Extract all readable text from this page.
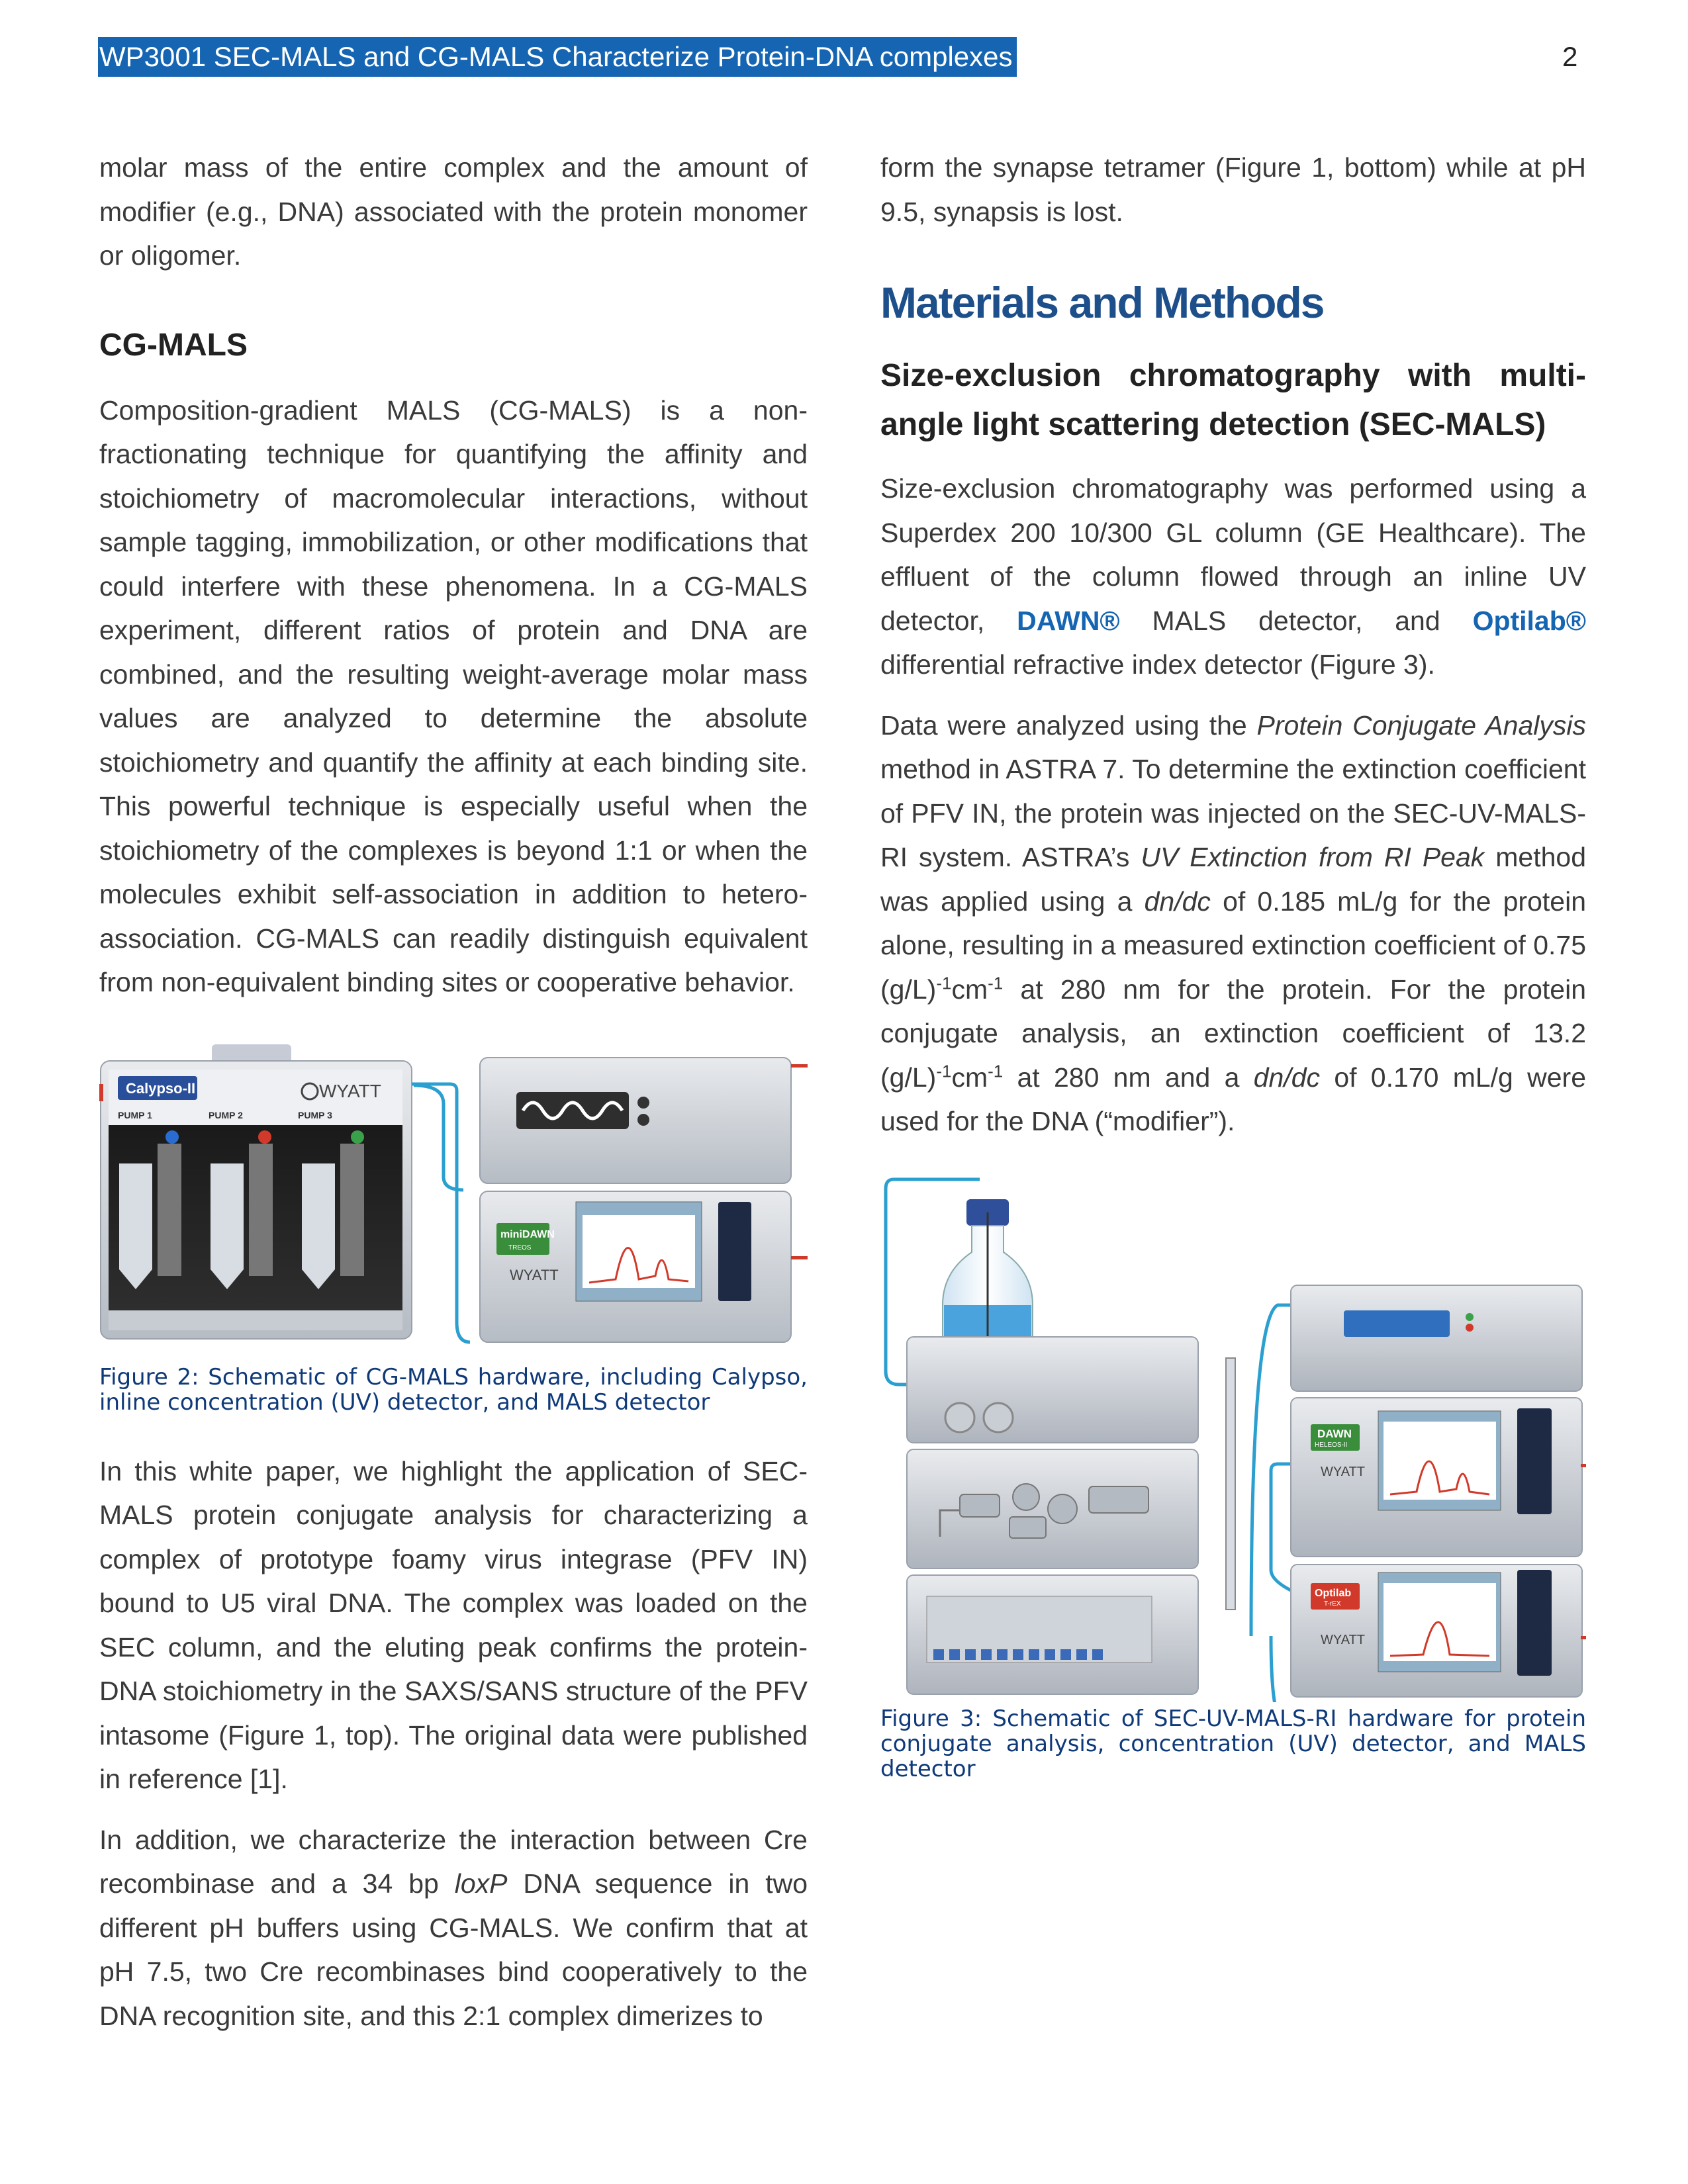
WP3001 SEC-MALS and CG-MALS Characterize Protein-DNA complexes	2

molar mass of the entire complex and the amount of modifier (e.g., DNA) associated with the protein monomer or oligomer.

CG-MALS

Composition-gradient MALS (CG-MALS) is a non-fractionating technique for quantifying the affinity and stoichiometry of macromolecular interactions, without sample tagging, immobilization, or other modifications that could interfere with these phenomena. In a CG-MALS experiment, different ratios of protein and DNA are combined, and the resulting weight-average molar mass values are analyzed to determine the absolute stoichiometry and quantify the affinity at each binding site. This powerful technique is especially useful when the stoichiometry of the complexes is beyond 1:1 or when the molecules exhibit self-association in addition to hetero-association. CG-MALS can readily distinguish equivalent from non-equivalent binding sites or cooperative behavior.

Calypso-II	WYATT
PUMP 1	PUMP 2	PUMP 3
miniDAWN
TREOS
WYATT

Figure 2: Schematic of CG-MALS hardware, including Calypso, inline concentration (UV) detector, and MALS detector

In this white paper, we highlight the application of SEC-MALS protein conjugate analysis for characterizing a complex of prototype foamy virus integrase (PFV IN) bound to U5 viral DNA. The complex was loaded on the SEC column, and the eluting peak confirms the protein-DNA stoichiometry in the SAXS/SANS structure of the PFV intasome (Figure 1, top). The original data were published in reference [1].

In addition, we characterize the interaction between Cre recombinase and a 34 bp loxP DNA sequence in two different pH buffers using CG-MALS. We confirm that at pH 7.5, two Cre recombinases bind cooperatively to the DNA recognition site, and this 2:1 complex dimerizes to

form the synapse tetramer (Figure 1, bottom) while at pH 9.5, synapsis is lost.

Materials and Methods
Size-exclusion chromatography with multi-angle light scattering detection (SEC-MALS)

Size-exclusion chromatography was performed using a Superdex 200 10/300 GL column (GE Healthcare). The effluent of the column flowed through an inline UV detector, DAWN® MALS detector, and Optilab® differential refractive index detector (Figure 3).

Data were analyzed using the Protein Conjugate Analysis method in ASTRA 7. To determine the extinction coefficient of PFV IN, the protein was injected on the SEC-UV-MALS-RI system. ASTRA’s UV Extinction from RI Peak method was applied using a dn/dc of 0.185 mL/g for the protein alone, resulting in a measured extinction coefficient of 0.75 $(g/L)^{-1}cm^{-1}$ at 280 nm for the protein. For the protein conjugate analysis, an extinction coefficient of 13.2 $(g/L)^{-1}cm^{-1}$ at 280 nm and a dn/dc of 0.170 mL/g were used for the DNA (“modifier”).

DAWN
HELEOS-II
WYATT
Optilab
T-rEX
WYATT

Figure 3: Schematic of SEC-UV-MALS-RI hardware for protein conjugate analysis, concentration (UV) detector, and MALS detector
